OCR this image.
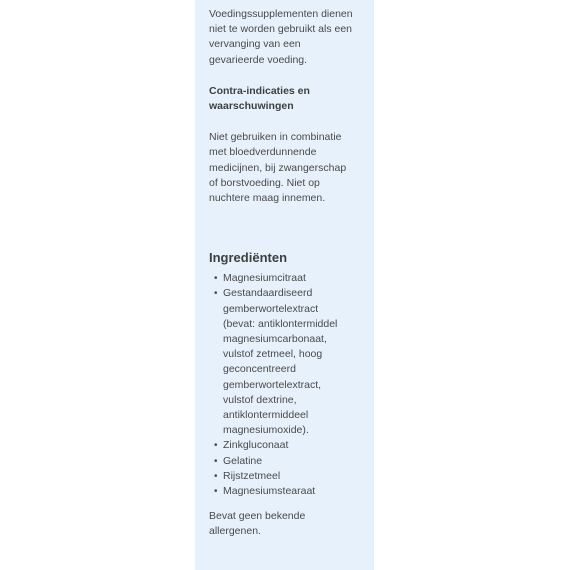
Voedingssupplementen dienen
niet te worden gebruikt als een
vervanging van een
gevarieerde voeding.

Contra-indicaties en
waarschuwingen

Niet gebruiken in combinatie
met bloedverdunnende
medicijnen, bij zwangerschap
of borstvoeding. Niet op
nuchtere maag innemen.

Ingrediënten
• Magnesiumcitraat
• Gestandaardiseerd
gemberwortelextract
(bevat: antiklontermiddel
magnesiumcarbonaat,
vulstof zetmeel, hoog
geconcentreerd
gemberwortelextract,
vulstof dextrine,
antiklontermiddeel
magnesiumoxide).
• Zinkgluconaat
• Gelatine
• Rijstzetmeel
• Magnesiumstearaat

Bevat geen bekende
allergenen.
